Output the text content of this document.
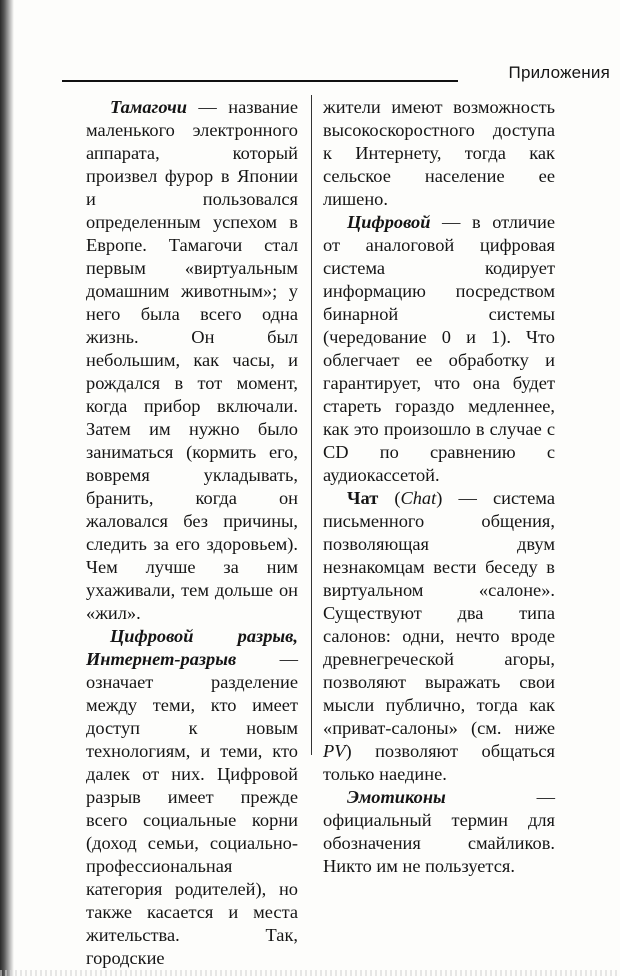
Приложения

Тамагочи — название маленького электронного аппарата, который произвел фурор в Японии и пользовался определенным успехом в Европе. Тамагочи стал первым «виртуальным домашним животным»; у него была всего одна жизнь. Он был небольшим, как часы, и рождался в тот момент, когда прибор включали. Затем им нужно было заниматься (кормить его, вовремя укладывать, бранить, когда он жаловался без причины, следить за его здоровьем). Чем лучше за ним ухаживали, тем дольше он «жил».

Цифровой разрыв, Интернет-разрыв — означает разделение между теми, кто имеет доступ к новым технологиям, и теми, кто далек от них. Цифровой разрыв имеет прежде всего социальные корни (доход семьи, социально-профессиональная категория родителей), но также касается и места жительства. Так, городские

жители имеют возможность высокоскоростного доступа к Интернету, тогда как сельское население ее лишено.

Цифровой — в отличие от аналоговой цифровая система кодирует информацию посредством бинарной системы (чередование 0 и 1). Что облегчает ее обработку и гарантирует, что она будет стареть гораздо медленнее, как это произошло в случае с CD по сравнению с аудиокассетой.

Чат (Chat) — система письменного общения, позволяющая двум незнакомцам вести беседу в виртуальном «салоне». Существуют два типа салонов: одни, нечто вроде древнегреческой агоры, позволяют выражать свои мысли публично, тогда как «приват-салоны» (см. ниже PV) позволяют общаться только наедине.

Эмотиконы — официальный термин для обозначения смайликов. Никто им не пользуется.
